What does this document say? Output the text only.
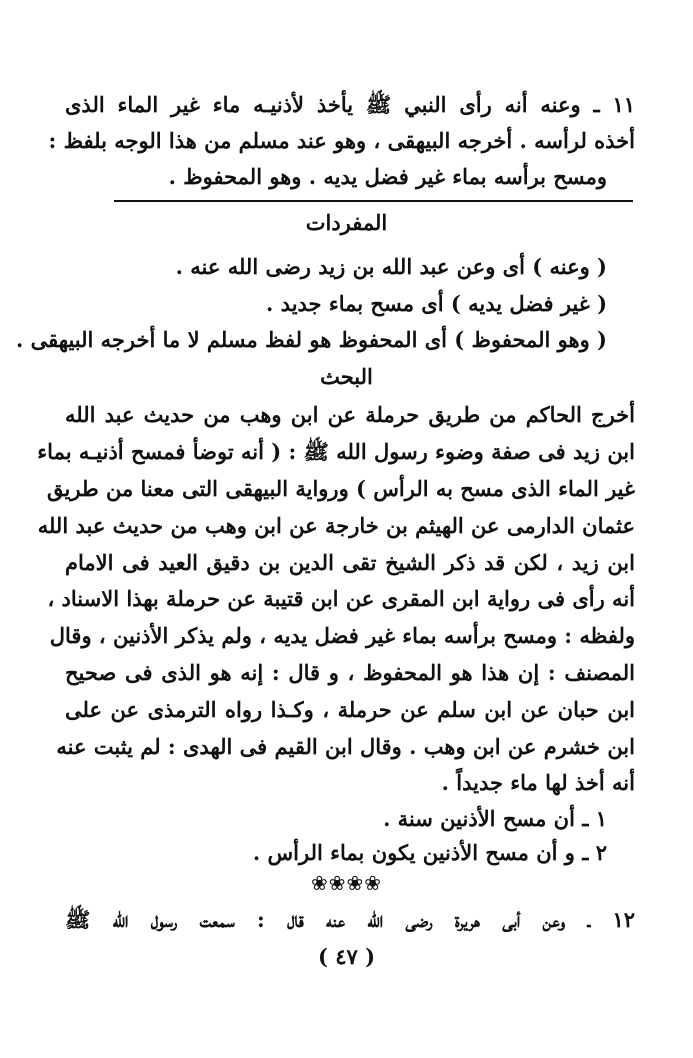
١١ ـ وعنه أنه رأى النبي ﷺ يأخذ لأذنيـه ماء غير الماء الذى
أخذه لرأسه . أخرجه البيهقى ، وهو عند مسلم من هذا الوجه بلفظ :
ومسح برأسه بماء غير فضل يديه . وهو المحفوظ .
المفردات
( وعنه ) أى وعن عبد الله بن زيد رضى الله عنه .
( غير فضل يديه ) أى مسح بماء جديد .
( وهو المحفوظ ) أى المحفوظ هو لفظ مسلم لا ما أخرجه البيهقى .
البحث
أخرج الحاكم من طريق حرملة عن ابن وهب من حديث عبد الله
ابن زيد فى صفة وضوء رسول الله ﷺ : ( أنه توضأ فمسح أذنيـه بماء
غير الماء الذى مسح به الرأس ) ورواية البيهقى التى معنا من طريق
عثمان الدارمى عن الهيثم بن خارجة عن ابن وهب من حديث عبد الله
ابن زيد ، لكن قد ذكر الشيخ تقى الدين بن دقيق العيد فى الامام
أنه رأى فى رواية ابن المقرى عن ابن قتيبة عن حرملة بهذا الاسناد ،
ولفظه : ومسح برأسه بماء غير فضل يديه ، ولم يذكر الأذنين ، وقال
المصنف : إن هذا هو المحفوظ ، و قال : إنه هو الذى فى صحيح
ابن حبان عن ابن سلم عن حرملة ، وكـذا رواه الترمذى عن على
ابن خشرم عن ابن وهب . وقال ابن القيم فى الهدى : لم يثبت عنه
أنه أخذ لها ماء جديداً .
١ ـ أن مسح الأذنين سنة .
٢ ـ و أن مسح الأذنين يكون بماء الرأس .
❀❀❀❀
١٢ ـ وعن أبى هريرة رضى الله عنه قال : سمعت رسول الله ﷺ
( ٤٧ )
